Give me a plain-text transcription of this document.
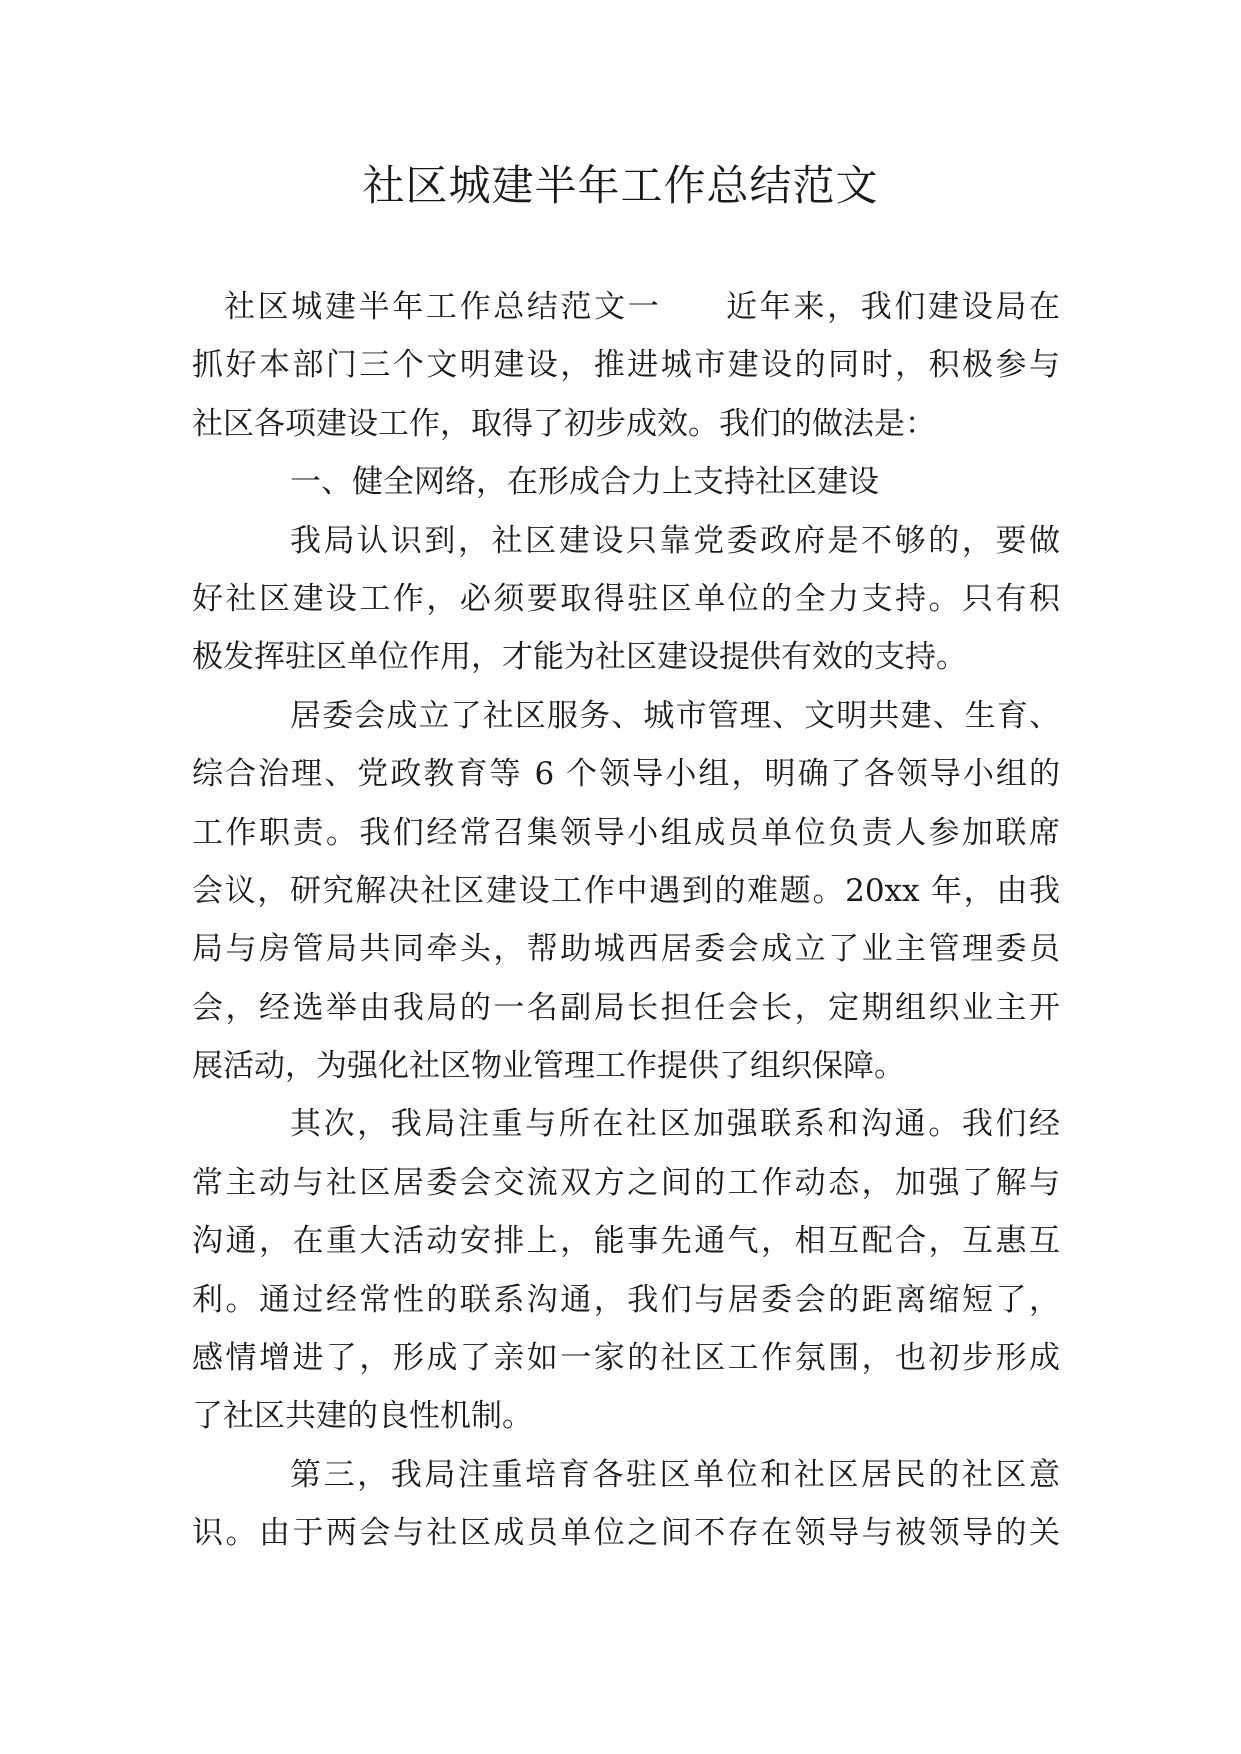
社区城建半年工作总结范文
社区城建半年工作总结范文一 近年来，我们建设局在
抓好本部门三个文明建设，推进城市建设的同时，积极参与
社区各项建设工作，取得了初步成效。我们的做法是：
一、健全网络，在形成合力上支持社区建设
我局认识到，社区建设只靠党委政府是不够的，要做
好社区建设工作，必须要取得驻区单位的全力支持。只有积
极发挥驻区单位作用，才能为社区建设提供有效的支持。
居委会成立了社区服务、城市管理、文明共建、生育、
综合治理、党政教育等 6 个领导小组，明确了各领导小组的
工作职责。我们经常召集领导小组成员单位负责人参加联席
会议，研究解决社区建设工作中遇到的难题。20xx 年，由我
局与房管局共同牵头，帮助城西居委会成立了业主管理委员
会，经选举由我局的一名副局长担任会长，定期组织业主开
展活动，为强化社区物业管理工作提供了组织保障。
其次，我局注重与所在社区加强联系和沟通。我们经
常主动与社区居委会交流双方之间的工作动态，加强了解与
沟通，在重大活动安排上，能事先通气，相互配合，互惠互
利。通过经常性的联系沟通，我们与居委会的距离缩短了，
感情增进了，形成了亲如一家的社区工作氛围，也初步形成
了社区共建的良性机制。
第三，我局注重培育各驻区单位和社区居民的社区意
识。由于两会与社区成员单位之间不存在领导与被领导的关
